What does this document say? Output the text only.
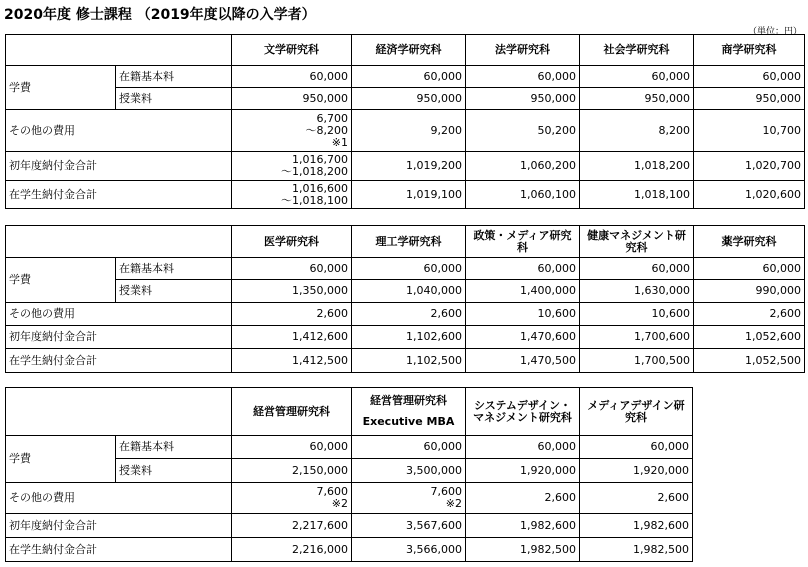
2020年度 修士課程 （2019年度以降の入学者）
（単位：円）
		文学研究科	経済学研究科	法学研究科	社会学研究科	商学研究科
学費	在籍基本料	60,000	60,000	60,000	60,000	60,000
	授業料	950,000	950,000	950,000	950,000	950,000
その他の費用		6,700
～8,200
※1	9,200	50,200	8,200	10,700
初年度納付金合計		1,016,700
～1,018,200	1,019,200	1,060,200	1,018,200	1,020,700
在学生納付金合計		1,016,600
～1,018,100	1,019,100	1,060,100	1,018,100	1,020,600
		医学研究科	理工学研究科	政策・メディア研究科	健康マネジメント研究科	薬学研究科
学費	在籍基本料	60,000	60,000	60,000	60,000	60,000
	授業料	1,350,000	1,040,000	1,400,000	1,630,000	990,000
その他の費用		2,600	2,600	10,600	10,600	2,600
初年度納付金合計		1,412,600	1,102,600	1,470,600	1,700,600	1,052,600
在学生納付金合計		1,412,500	1,102,500	1,470,500	1,700,500	1,052,500
		経営管理研究科	経営管理研究科
Executive MBA	システムデザイン・マネジメント研究科	メディアデザイン研究科
学費	在籍基本料	60,000	60,000	60,000	60,000
	授業料	2,150,000	3,500,000	1,920,000	1,920,000
その他の費用		7,600
※2	7,600
※2	2,600	2,600
初年度納付金合計		2,217,600	3,567,600	1,982,600	1,982,600
在学生納付金合計		2,216,000	3,566,000	1,982,500	1,982,500
